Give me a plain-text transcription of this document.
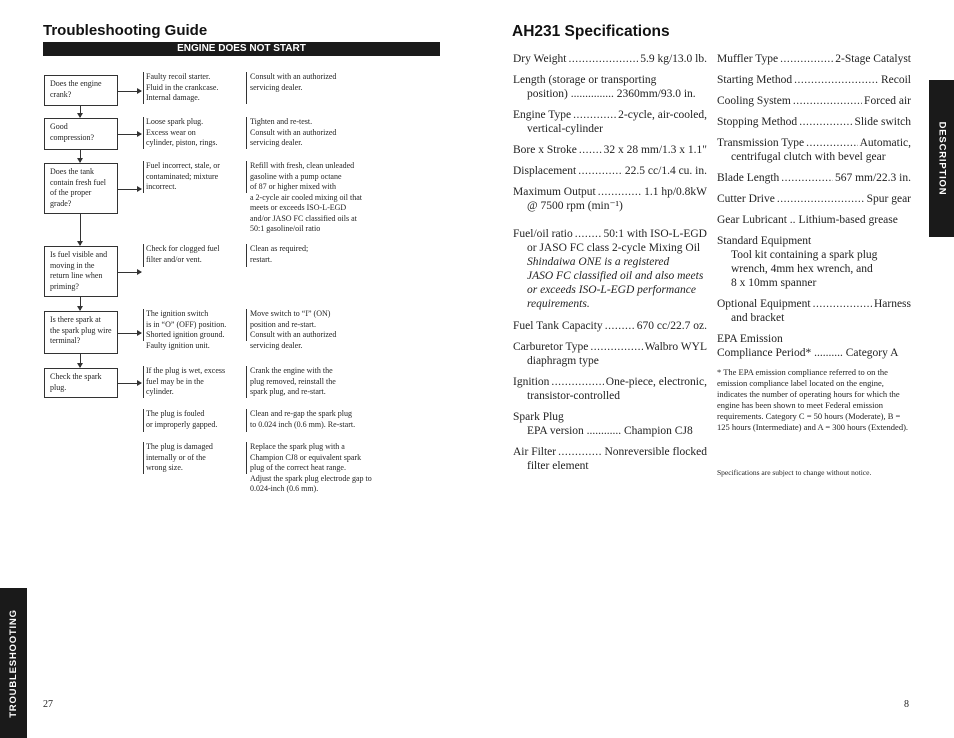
Troubleshooting Guide
ENGINE DOES NOT START
Does the engine crank?
Faulty recoil starter.
Fluid in the crankcase.
Internal damage.
Consult with an authorized
servicing dealer.
Good compression?
Loose spark plug.
Excess wear on
cylinder, piston, rings.
Tighten and re-test.
Consult with an authorized
servicing dealer.
Does the tank contain fresh fuel of the proper grade?
Fuel incorrect, stale, or
contaminated; mixture
incorrect.
Refill with fresh, clean unleaded
gasoline with a pump octane
of 87 or higher mixed with
a 2-cycle air cooled mixing oil that
meets or exceeds ISO-L-EGD
and/or JASO FC classified oils at
50:1 gasoline/oil ratio
Is fuel visible and moving in the return line when priming?
Check for clogged fuel
filter and/or vent.
Clean as required;
restart.
Is there spark at the spark plug wire terminal?
The ignition switch
is in “O” (OFF) position.
Shorted ignition ground.
Faulty ignition unit.
Move switch to “I” (ON)
position and re-start.
Consult with an authorized
servicing dealer.
Check the spark plug.
If the plug is wet, excess
fuel may be in the
cylinder.
Crank the engine with the
plug removed, reinstall the
spark plug, and re-start.
The plug is fouled
or improperly gapped.
Clean and re-gap the spark plug
to 0.024 inch (0.6 mm). Re-start.
The plug is damaged
internally or of the
wrong size.
Replace the spark plug with a
Champion CJ8 or equivalent spark
plug of the correct heat range.
Adjust the spark plug electrode gap to
0.024-inch (0.6 mm).
TROUBLESHOOTING 27
AH231 Specifications
Dry Weight .....	5.9 kg/13.0 lb.
Length (storage or transporting
position) ............... 2360mm/93.0 in.
Engine Type .....	2-cycle, air-cooled,
vertical-cylinder
Bore x Stroke ..... 32 x 28 mm/1.3 x 1.1"
Displacement .....	22.5 cc/1.4 cu. in.
Maximum Output .....	1.1 hp/0.8kW
@ 7500 rpm (min⁻¹)
Fuel/oil ratio .....	50:1 with ISO-L-EGD
or JASO FC class 2-cycle Mixing Oil
Shindaiwa ONE is a registered
JASO FC classified oil and also meets
or exceeds ISO-L-EGD performance
requirements.
Fuel Tank Capacity .....	670 cc/22.7 oz.
Carburetor Type .....	Walbro WYL
diaphragm type
Ignition .....	One-piece, electronic,
transistor-controlled
Spark Plug
EPA version ............ Champion CJ8
Air Filter .....	Nonreversible flocked
filter element
Muffler Type .....	2-Stage Catalyst
Starting Method .....	Recoil
Cooling System .....	Forced air
Stopping Method .....	Slide switch
Transmission Type .....	Automatic,
centrifugal clutch with bevel gear
Blade Length .....	567 mm/22.3 in.
Cutter Drive .....	Spur gear
Gear Lubricant .. Lithium-based grease
Standard Equipment
Tool kit containing a spark plug
wrench, 4mm hex wrench, and
8 x 10mm spanner
Optional Equipment .....	Harness
and bracket
EPA Emission
Compliance Period* .......... Category A
* The EPA emission compliance referred to on the emission compliance label located on the engine, indicates the number of operating hours for which the engine has been shown to meet Federal emission requirements. Category C = 50 hours (Moderate), B = 125 hours (Intermediate) and A = 300 hours (Extended).
Specifications are subject to change without notice.
DESCRIPTION
8
